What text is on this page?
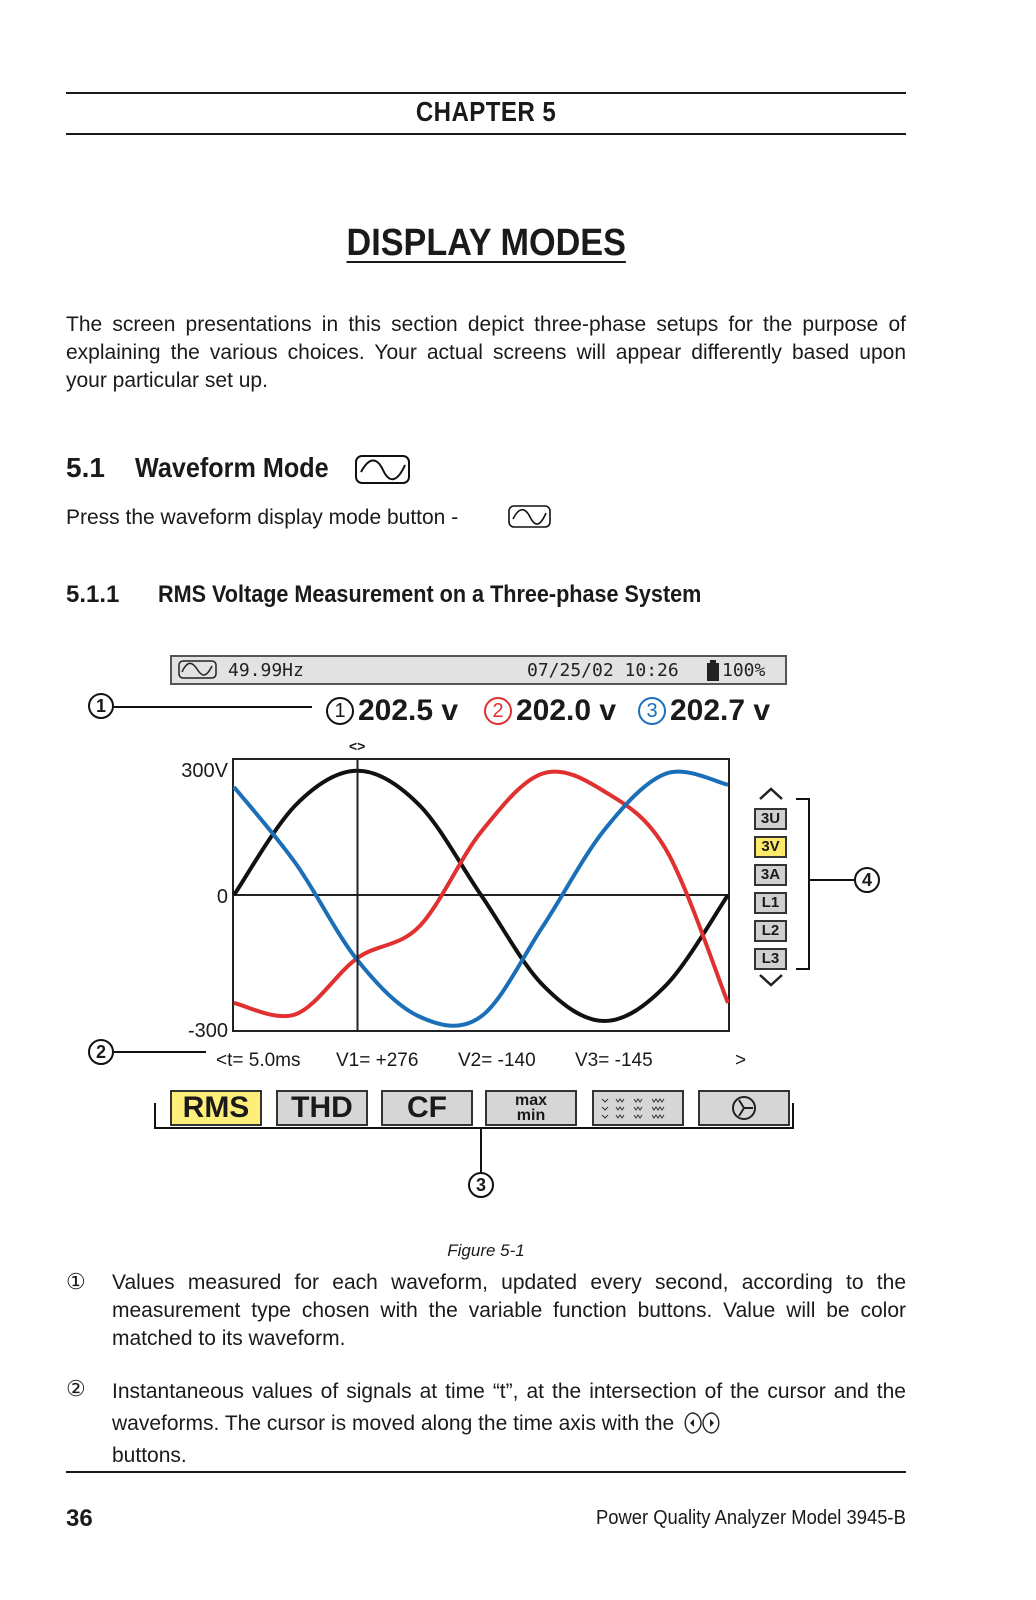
CHAPTER 5
DISPLAY MODES
The screen presentations in this section depict three-phase setups for the purpose of explaining the various choices. Your actual screens will appear differently based upon your particular set up.
5.1 Waveform Mode
Press the waveform display mode button -
5.1.1 RMS Voltage Measurement on a Three-phase System
49.99Hz	07/25/02 10:26 100%
1	1 202.5 v	2 202.0 v	3 202.7 v
<>
300V
0
-300
2	<t= 5.0ms V1= +276 V2= -140 V3= -145	>
3U
3V
3A
L1
L2
L3
4
RMS	THD	CF	max
min
3
Figure 5-1
① Values measured for each waveform, updated every second, according to the measurement type chosen with the variable function buttons. Value will be color matched to its waveform.
② Instantaneous values of signals at time “t”, at the intersection of the cursor and the waveforms. The cursor is moved along the time axis with the
buttons.
36	Power Quality Analyzer Model 3945-B
